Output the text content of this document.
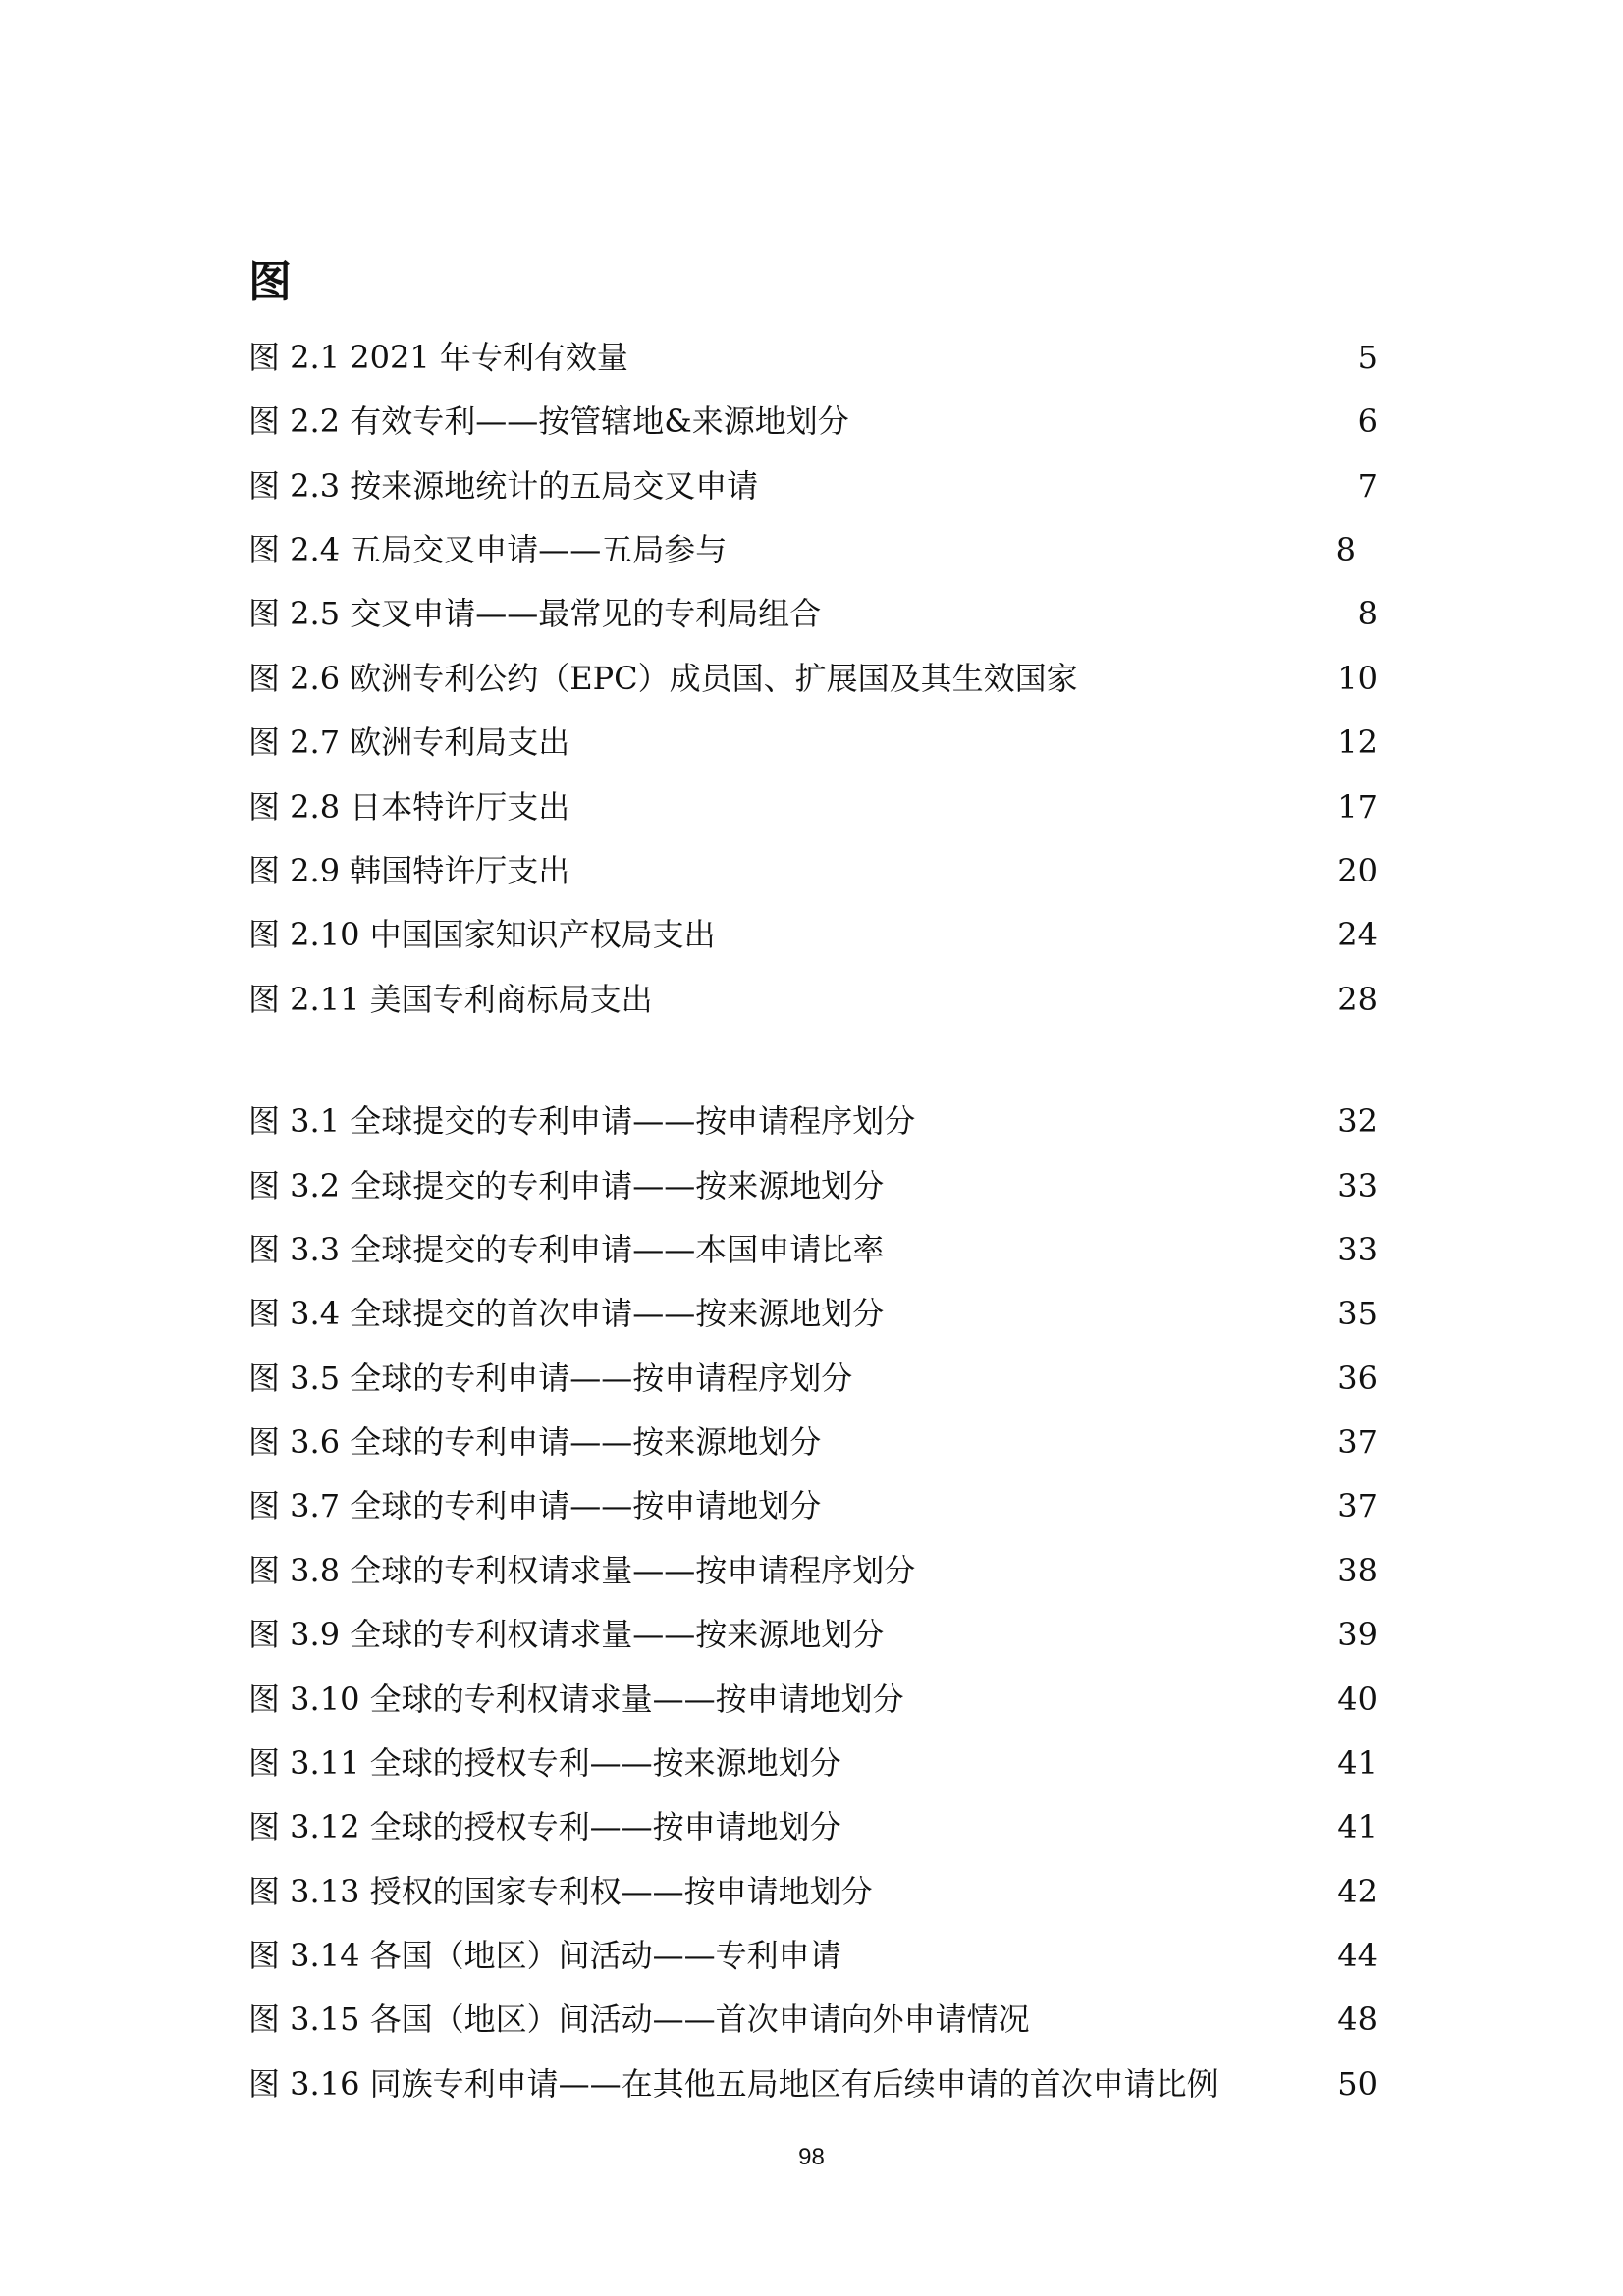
图
图 2.1 2021 年专利有效量	5
图 2.2 有效专利——按管辖地&来源地划分	6
图 2.3 按来源地统计的五局交叉申请	7
图 2.4 五局交叉申请——五局参与	8
图 2.5 交叉申请——最常见的专利局组合	8
图 2.6 欧洲专利公约（EPC）成员国、扩展国及其生效国家	10
图 2.7 欧洲专利局支出	12
图 2.8 日本特许厅支出	17
图 2.9 韩国特许厅支出	20
图 2.10 中国国家知识产权局支出	24
图 2.11 美国专利商标局支出	28
图 3.1 全球提交的专利申请——按申请程序划分	32
图 3.2 全球提交的专利申请——按来源地划分	33
图 3.3 全球提交的专利申请——本国申请比率	33
图 3.4 全球提交的首次申请——按来源地划分	35
图 3.5 全球的专利申请——按申请程序划分	36
图 3.6 全球的专利申请——按来源地划分	37
图 3.7 全球的专利申请——按申请地划分	37
图 3.8 全球的专利权请求量——按申请程序划分	38
图 3.9 全球的专利权请求量——按来源地划分	39
图 3.10 全球的专利权请求量——按申请地划分	40
图 3.11 全球的授权专利——按来源地划分	41
图 3.12 全球的授权专利——按申请地划分	41
图 3.13 授权的国家专利权——按申请地划分	42
图 3.14 各国（地区）间活动——专利申请	44
图 3.15 各国（地区）间活动——首次申请向外申请情况	48
图 3.16 同族专利申请——在其他五局地区有后续申请的首次申请比例	50
98
